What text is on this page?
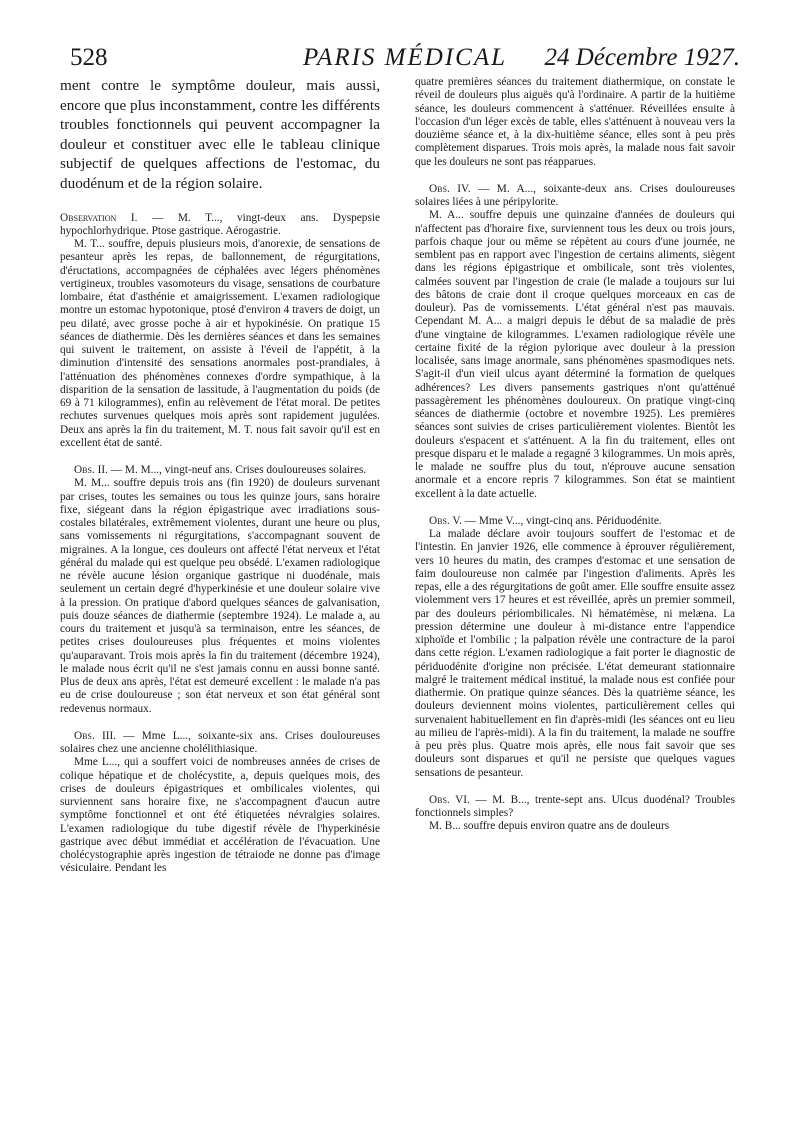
528	PARIS MÉDICAL	24 Décembre 1927.

ment contre le symptôme douleur, mais aussi, encore que plus inconstamment, contre les différents troubles fonctionnels qui peuvent accompagner la douleur et constituer avec elle le tableau clinique subjectif de quelques affections de l'estomac, du duodénum et de la région solaire.

Observation I. — M. T..., vingt-deux ans. Dyspepsie hypochlorhydrique. Ptose gastrique. Aérogastrie.

M. T... souffre, depuis plusieurs mois, d'anorexie, de sensations de pesanteur après les repas, de ballonnement, de régurgitations, d'éructations, accompagnées de céphalées avec légers phénomènes vertigineux, troubles vasomoteurs du visage, sensations de courbature lombaire, état d'asthénie et amaigrissement. L'examen radiologique montre un estomac hypotonique, ptosé d'environ 4 travers de doigt, un peu dilaté, avec grosse poche à air et hypokinésie. On pratique 15 séances de diathermie. Dès les dernières séances et dans les semaines qui suivent le traitement, on assiste à l'éveil de l'appétit, à la diminution d'intensité des sensations anormales post-prandiales, à l'atténuation des phénomènes connexes d'ordre sympathique, à la disparition de la sensation de lassitude, à l'augmentation du poids (de 69 à 71 kilogrammes), enfin au relèvement de l'état moral. De petites rechutes survenues quelques mois après sont rapidement jugulées. Deux ans après la fin du traitement, M. T. nous fait savoir qu'il est en excellent état de santé.

Obs. II. — M. M..., vingt-neuf ans. Crises douloureuses solaires.

M. M... souffre depuis trois ans (fin 1920) de douleurs survenant par crises, toutes les semaines ou tous les quinze jours, sans horaire fixe, siégeant dans la région épigastrique avec irradiations sous-costales bilatérales, extrêmement violentes, durant une heure ou plus, sans vomissements ni régurgitations, s'accompagnant souvent de migraines. A la longue, ces douleurs ont affecté l'état nerveux et l'état général du malade qui est quelque peu obsédé. L'examen radiologique ne révèle aucune lésion organique gastrique ni duodénale, mais seulement un certain degré d'hyperkinésie et une douleur solaire vive à la pression. On pratique d'abord quelques séances de galvanisation, puis douze séances de diathermie (septembre 1924). Le malade a, au cours du traitement et jusqu'à sa terminaison, entre les séances, de petites crises douloureuses plus fréquentes et moins violentes qu'auparavant. Trois mois après la fin du traitement (décembre 1924), le malade nous écrit qu'il ne s'est jamais connu en aussi bonne santé. Plus de deux ans après, l'état est demeuré excellent : le malade n'a pas eu de crise douloureuse ; son état nerveux et son état général sont redevenus normaux.

Obs. III. — Mme L..., soixante-six ans. Crises douloureuses solaires chez une ancienne cholélithiasique.

Mme L..., qui a souffert voici de nombreuses années de crises de colique hépatique et de cholécystite, a, depuis quelques mois, des crises de douleurs épigastriques et ombilicales violentes, qui surviennent sans horaire fixe, ne s'accompagnent d'aucun autre symptôme fonctionnel et ont été étiquetées névralgies solaires. L'examen radiologique du tube digestif révèle de l'hyperkinésie gastrique avec début immédiat et accélération de l'évacuation. Une cholécystographie après ingestion de tétraiode ne donne pas d'image vésiculaire. Pendant les

quatre premières séances du traitement diathermique, on constate le réveil de douleurs plus aiguës qu'à l'ordinaire. A partir de la huitième séance, les douleurs commencent à s'atténuer. Réveillées ensuite à l'occasion d'un léger excès de table, elles s'atténuent à nouveau vers la douzième séance et, à la dix-huitième séance, elles sont à peu près complètement disparues. Trois mois après, la malade nous fait savoir que les douleurs ne sont pas réapparues.

Obs. IV. — M. A..., soixante-deux ans. Crises douloureuses solaires liées à une péripylorite.

M. A... souffre depuis une quinzaine d'années de douleurs qui n'affectent pas d'horaire fixe, surviennent tous les deux ou trois jours, parfois chaque jour ou même se répètent au cours d'une journée, ne semblent pas en rapport avec l'ingestion de certains aliments, siègent dans les régions épigastrique et ombilicale, sont très violentes, calmées souvent par l'ingestion de craie (le malade a toujours sur lui des bâtons de craie dont il croque quelques morceaux en cas de douleur). Pas de vomissements. L'état général n'est pas mauvais. Cependant M. A... a maigri depuis le début de sa maladie de près d'une vingtaine de kilogrammes. L'examen radiologique révèle une certaine fixité de la région pylorique avec douleur à la pression localisée, sans image anormale, sans phénomènes spasmodiques nets. S'agit-il d'un vieil ulcus ayant déterminé la formation de quelques adhérences? Les divers pansements gastriques n'ont qu'atténué passagèrement les phénomènes douloureux. On pratique vingt-cinq séances de diathermie (octobre et novembre 1925). Les premières séances sont suivies de crises particulièrement violentes. Bientôt les douleurs s'espacent et s'atténuent. A la fin du traitement, elles ont presque disparu et le malade a regagné 3 kilogrammes. Un mois après, le malade ne souffre plus du tout, n'éprouve aucune sensation anormale et a encore repris 7 kilogrammes. Son état se maintient excellent à la date actuelle.

Obs. V. — Mme V..., vingt-cinq ans. Périduodénite.

La malade déclare avoir toujours souffert de l'estomac et de l'intestin. En janvier 1926, elle commence à éprouver régulièrement, vers 10 heures du matin, des crampes d'estomac et une sensation de faim douloureuse non calmée par l'ingestion d'aliments. Après les repas, elle a des régurgitations de goût amer. Elle souffre ensuite assez violemment vers 17 heures et est réveillée, après un premier sommeil, par des douleurs périombilicales. Ni hématémèse, ni melæna. La pression détermine une douleur à mi-distance entre l'appendice xiphoïde et l'ombilic ; la palpation révèle une contracture de la paroi dans cette région. L'examen radiologique a fait porter le diagnostic de périduodénite d'origine non précisée. L'état demeurant stationnaire malgré le traitement médical institué, la malade nous est confiée pour diathermie. On pratique quinze séances. Dès la quatrième séance, les douleurs deviennent moins violentes, particulièrement celles qui survenaient habituellement en fin d'après-midi (les séances ont eu lieu au milieu de l'après-midi). A la fin du traitement, la malade ne souffre à peu près plus. Quatre mois après, elle nous fait savoir que ses douleurs sont disparues et qu'il ne persiste que quelques vagues sensations de pesanteur.

Obs. VI. — M. B..., trente-sept ans. Ulcus duodénal? Troubles fonctionnels simples?

M. B... souffre depuis environ quatre ans de douleurs
